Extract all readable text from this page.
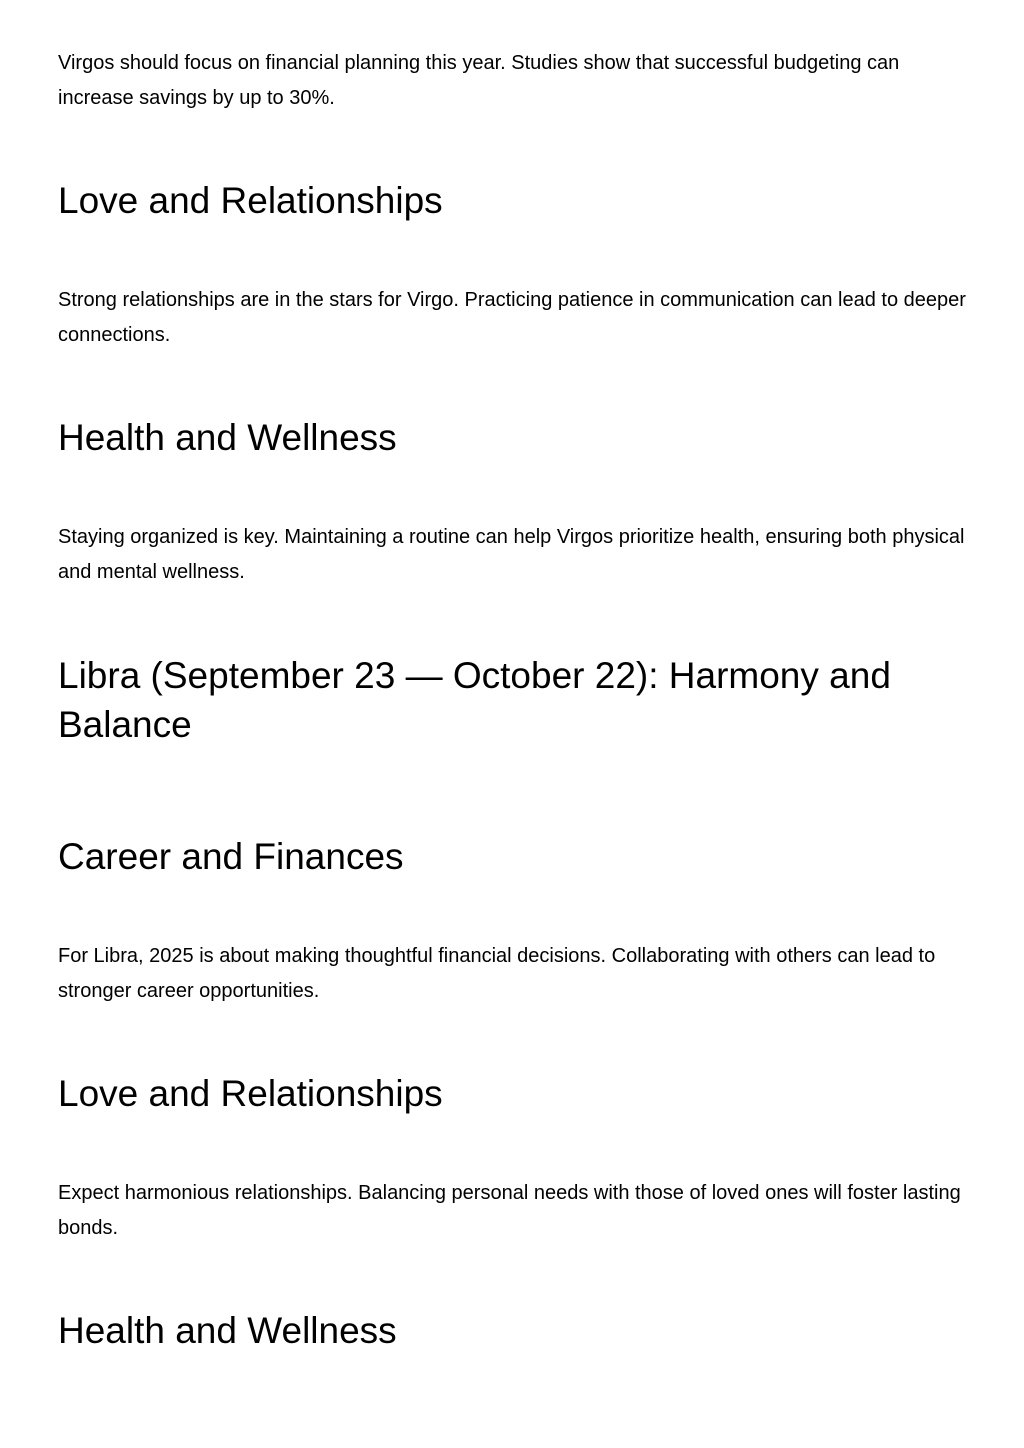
Virgos should focus on financial planning this year. Studies show that successful budgeting can increase savings by up to 30%.

Love and Relationships

Strong relationships are in the stars for Virgo. Practicing patience in communication can lead to deeper connections.

Health and Wellness

Staying organized is key. Maintaining a routine can help Virgos prioritize health, ensuring both physical and mental wellness.

Libra (September 23 — October 22): Harmony and Balance
Career and Finances

For Libra, 2025 is about making thoughtful financial decisions. Collaborating with others can lead to stronger career opportunities.

Love and Relationships

Expect harmonious relationships. Balancing personal needs with those of loved ones will foster lasting bonds.

Health and Wellness
